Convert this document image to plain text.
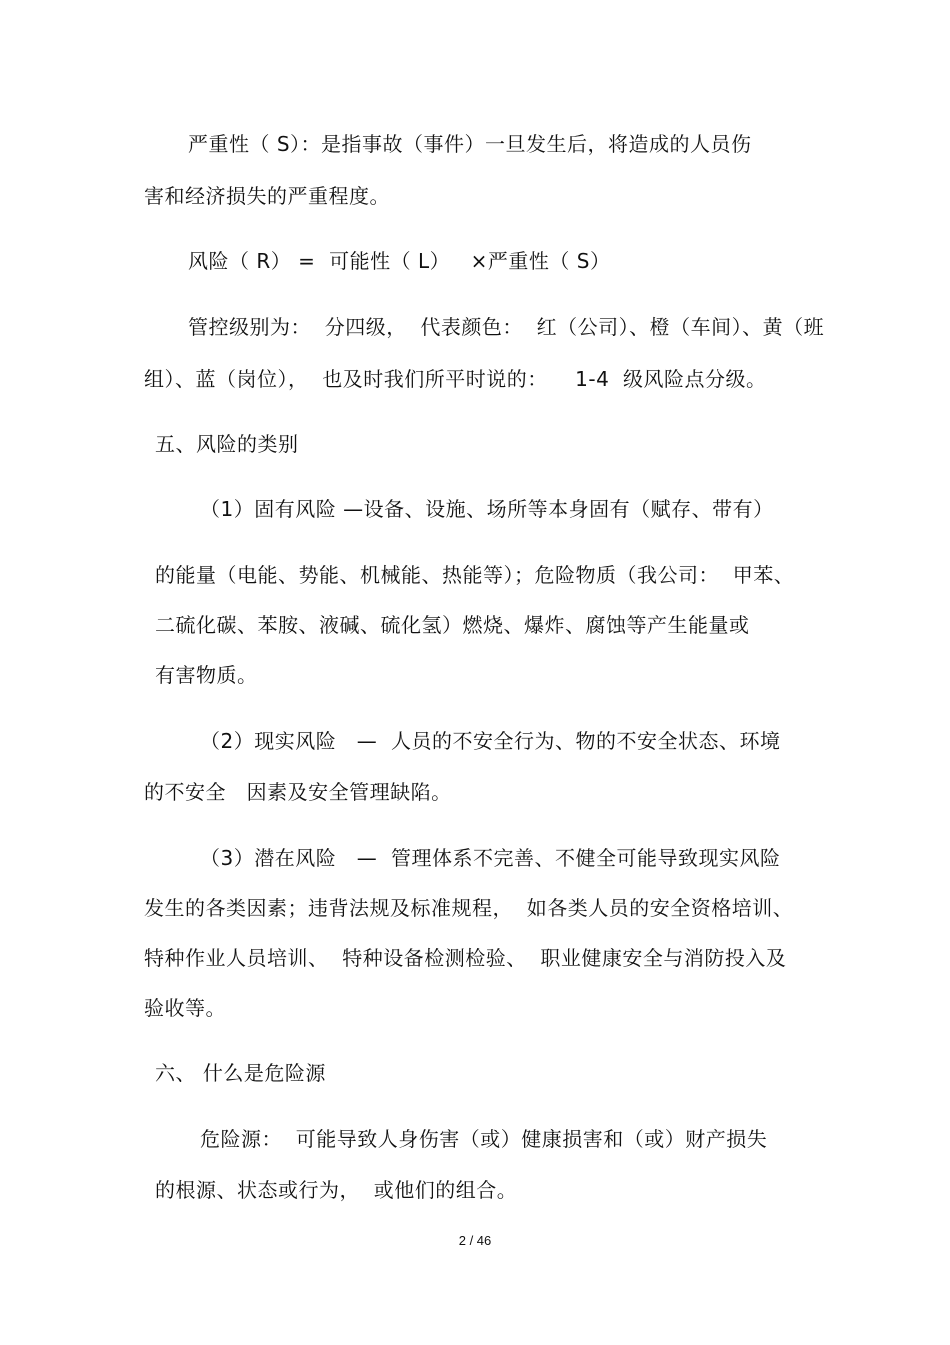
严重性（ S）：是指事故（事件）一旦发生后，将造成的人员伤
害和经济损失的严重程度。
风险（ R） =  可能性（ L）   ×严重性（ S）
管控级别为：  分四级，  代表颜色：  红（公司）、橙（车间）、黄（班
组）、蓝（岗位），  也及时我们所平时说的：    1-4  级风险点分级。
五、风险的类别
（1）固有风险 —设备、设施、场所等本身固有（赋存、带有）
的能量（电能、势能、机械能、热能等）；危险物质（我公司：  甲苯、
二硫化碳、苯胺、液碱、硫化氢）燃烧、爆炸、腐蚀等产生能量或
有害物质。
（2）现实风险   —  人员的不安全行为、物的不安全状态、环境
的不安全   因素及安全管理缺陷。
（3）潜在风险   —  管理体系不完善、不健全可能导致现实风险
发生的各类因素；违背法规及标准规程，  如各类人员的安全资格培训、
特种作业人员培训、  特种设备检测检验、  职业健康安全与消防投入及
验收等。
六、 什么是危险源
危险源：  可能导致人身伤害（或）健康损害和（或）财产损失
的根源、状态或行为，  或他们的组合。
2 / 46
